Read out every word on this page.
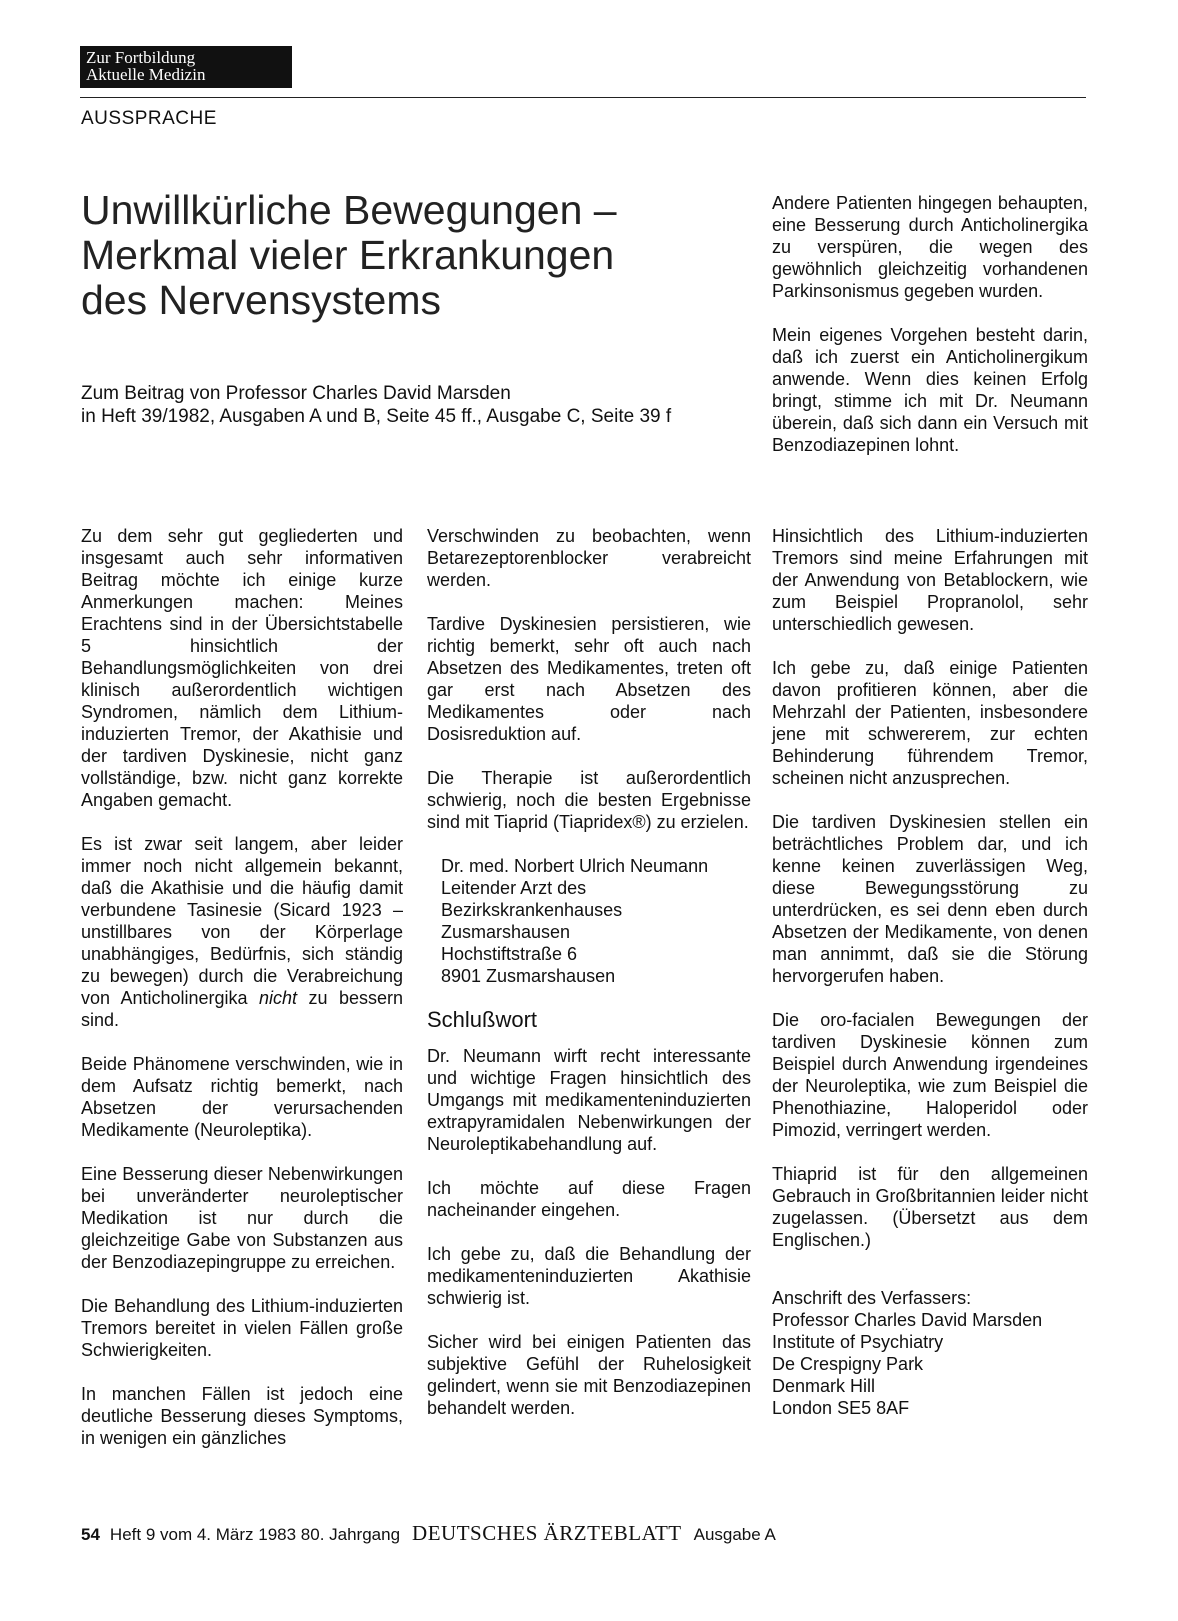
Zur Fortbildung
Aktuelle Medizin
AUSSPRACHE
Unwillkürliche Bewegungen –
Merkmal vieler Erkrankungen
des Nervensystems
Zum Beitrag von Professor Charles David Marsden
in Heft 39/1982, Ausgaben A und B, Seite 45 ff., Ausgabe C, Seite 39 f

Zu dem sehr gut gegliederten und insgesamt auch sehr informativen Beitrag möchte ich einige kurze Anmerkungen machen: Meines Erachtens sind in der Übersichtstabelle 5 hinsichtlich der Behandlungsmöglichkeiten von drei klinisch außerordentlich wichtigen Syndromen, nämlich dem Lithium-induzierten Tremor, der Akathisie und der tardiven Dyskinesie, nicht ganz vollständige, bzw. nicht ganz korrekte Angaben gemacht.

Es ist zwar seit langem, aber leider immer noch nicht allgemein bekannt, daß die Akathisie und die häufig damit verbundene Tasinesie (Sicard 1923 – unstillbares von der Körperlage unabhängiges, Bedürfnis, sich ständig zu bewegen) durch die Verabreichung von Anticholinergika nicht zu bessern sind.

Beide Phänomene verschwinden, wie in dem Aufsatz richtig bemerkt, nach Absetzen der verursachenden Medikamente (Neuroleptika).

Eine Besserung dieser Nebenwirkungen bei unveränderter neuroleptischer Medikation ist nur durch die gleichzeitige Gabe von Substanzen aus der Benzodiazepingruppe zu erreichen.

Die Behandlung des Lithium-induzierten Tremors bereitet in vielen Fällen große Schwierigkeiten.

In manchen Fällen ist jedoch eine deutliche Besserung dieses Symptoms, in wenigen ein gänzliches

Verschwinden zu beobachten, wenn Betarezeptorenblocker verabreicht werden.

Tardive Dyskinesien persistieren, wie richtig bemerkt, sehr oft auch nach Absetzen des Medikamentes, treten oft gar erst nach Absetzen des Medikamentes oder nach Dosisreduktion auf.

Die Therapie ist außerordentlich schwierig, noch die besten Ergebnisse sind mit Tiaprid (Tiapridex®) zu erzielen.

Dr. med. Norbert Ulrich Neumann
Leitender Arzt des
Bezirkskrankenhauses
Zusmarshausen
Hochstiftstraße 6
8901 Zusmarshausen
Schlußwort

Dr. Neumann wirft recht interessante und wichtige Fragen hinsichtlich des Umgangs mit medikamenteninduzierten extrapyramidalen Nebenwirkungen der Neuroleptikabehandlung auf.

Ich möchte auf diese Fragen nacheinander eingehen.

Ich gebe zu, daß die Behandlung der medikamenteninduzierten Akathisie schwierig ist.

Sicher wird bei einigen Patienten das subjektive Gefühl der Ruhelosigkeit gelindert, wenn sie mit Benzodiazepinen behandelt werden.

Andere Patienten hingegen behaupten, eine Besserung durch Anticholinergika zu verspüren, die wegen des gewöhnlich gleichzeitig vorhandenen Parkinsonismus gegeben wurden.

Mein eigenes Vorgehen besteht darin, daß ich zuerst ein Anticholinergikum anwende. Wenn dies keinen Erfolg bringt, stimme ich mit Dr. Neumann überein, daß sich dann ein Versuch mit Benzodiazepinen lohnt.

Hinsichtlich des Lithium-induzierten Tremors sind meine Erfahrungen mit der Anwendung von Betablockern, wie zum Beispiel Propranolol, sehr unterschiedlich gewesen.

Ich gebe zu, daß einige Patienten davon profitieren können, aber die Mehrzahl der Patienten, insbesondere jene mit schwererem, zur echten Behinderung führendem Tremor, scheinen nicht anzusprechen.

Die tardiven Dyskinesien stellen ein beträchtliches Problem dar, und ich kenne keinen zuverlässigen Weg, diese Bewegungsstörung zu unterdrücken, es sei denn eben durch Absetzen der Medikamente, von denen man annimmt, daß sie die Störung hervorgerufen haben.

Die oro-facialen Bewegungen der tardiven Dyskinesie können zum Beispiel durch Anwendung irgendeines der Neuroleptika, wie zum Beispiel die Phenothiazine, Haloperidol oder Pimozid, verringert werden.

Thiaprid ist für den allgemeinen Gebrauch in Großbritannien leider nicht zugelassen. (Übersetzt aus dem Englischen.)

Anschrift des Verfassers:
Professor Charles David Marsden
Institute of Psychiatry
De Crespigny Park
Denmark Hill
London SE5 8AF
54 Heft 9 vom 4. März 1983 80. Jahrgang DEUTSCHES ÄRZTEBLATT Ausgabe A
